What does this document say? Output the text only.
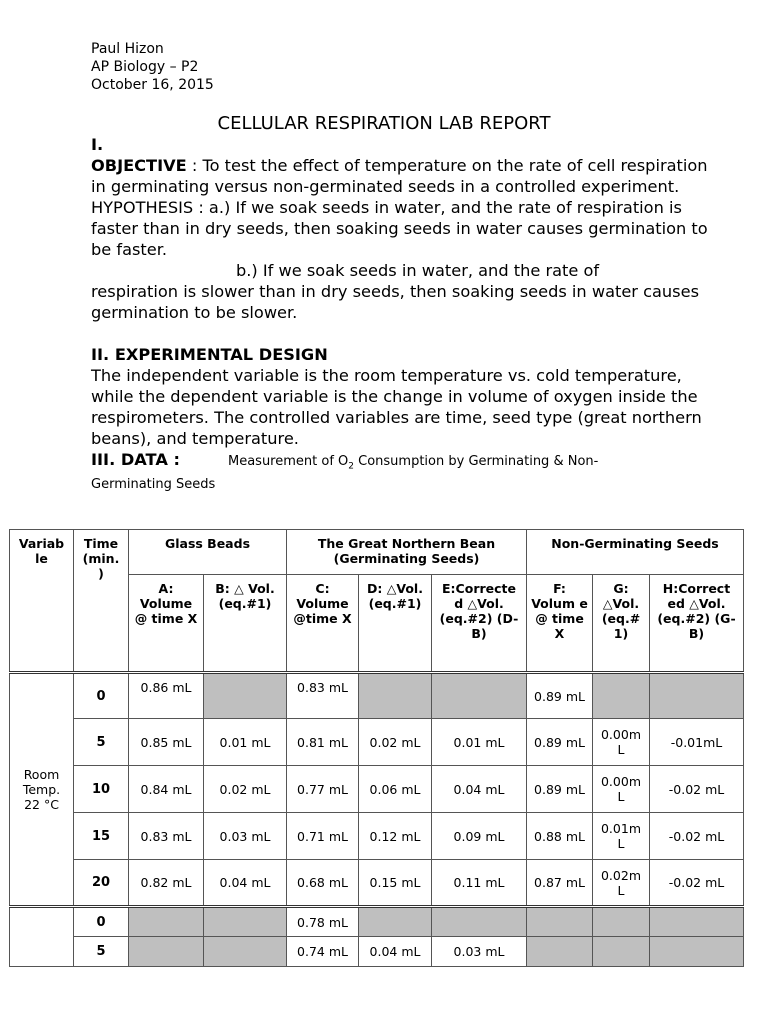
Paul Hizon
AP Biology – P2
October 16, 2015
CELLULAR RESPIRATION LAB REPORT

I.

OBJECTIVE : To test the effect of temperature on the rate of cell respiration in germinating versus non-germinated seeds in a controlled experiment.

HYPOTHESIS : a.) If we soak seeds in water, and the rate of respiration is faster than in dry seeds, then soaking seeds in water causes germination to be faster.

b.) If we soak seeds in water, and the rate of

respiration is slower than in dry seeds, then soaking seeds in water causes germination to be slower.

II. EXPERIMENTAL DESIGN

The independent variable is the room temperature vs. cold temperature, while the dependent variable is the change in volume of oxygen inside the respirometers. The controlled variables are time, seed type (great northern beans), and temperature.

III. DATA :	Measurement of $O_2$ Consumption by Germinating & Non-

Germinating Seeds

Variab le	Time (min. )	Glass Beads		The Great Northern Bean (Germinating Seeds)			Non-Germinating Seeds		
		A: Volume @ time X	B: △ Vol. (eq.#1)	C: Volume @time X	D: △Vol. (eq.#1)	E:Correcte d △Vol. (eq.#2) (D-B)	F: Volum e @ time X	G: △Vol. (eq.# 1)	H:Correct ed △Vol. (eq.#2) (G-B)
Room Temp. 22 °C	0	0.86 mL		0.83 mL			0.89 mL		
	5	0.85 mL	0.01 mL	0.81 mL	0.02 mL	0.01 mL	0.89 mL	0.00m L	-0.01mL
	10	0.84 mL	0.02 mL	0.77 mL	0.06 mL	0.04 mL	0.89 mL	0.00m L	-0.02 mL
	15	0.83 mL	0.03 mL	0.71 mL	0.12 mL	0.09 mL	0.88 mL	0.01m L	-0.02 mL
	20	0.82 mL	0.04 mL	0.68 mL	0.15 mL	0.11 mL	0.87 mL	0.02m L	-0.02 mL
	0			0.78 mL					
	5			0.74 mL	0.04 mL	0.03 mL			
